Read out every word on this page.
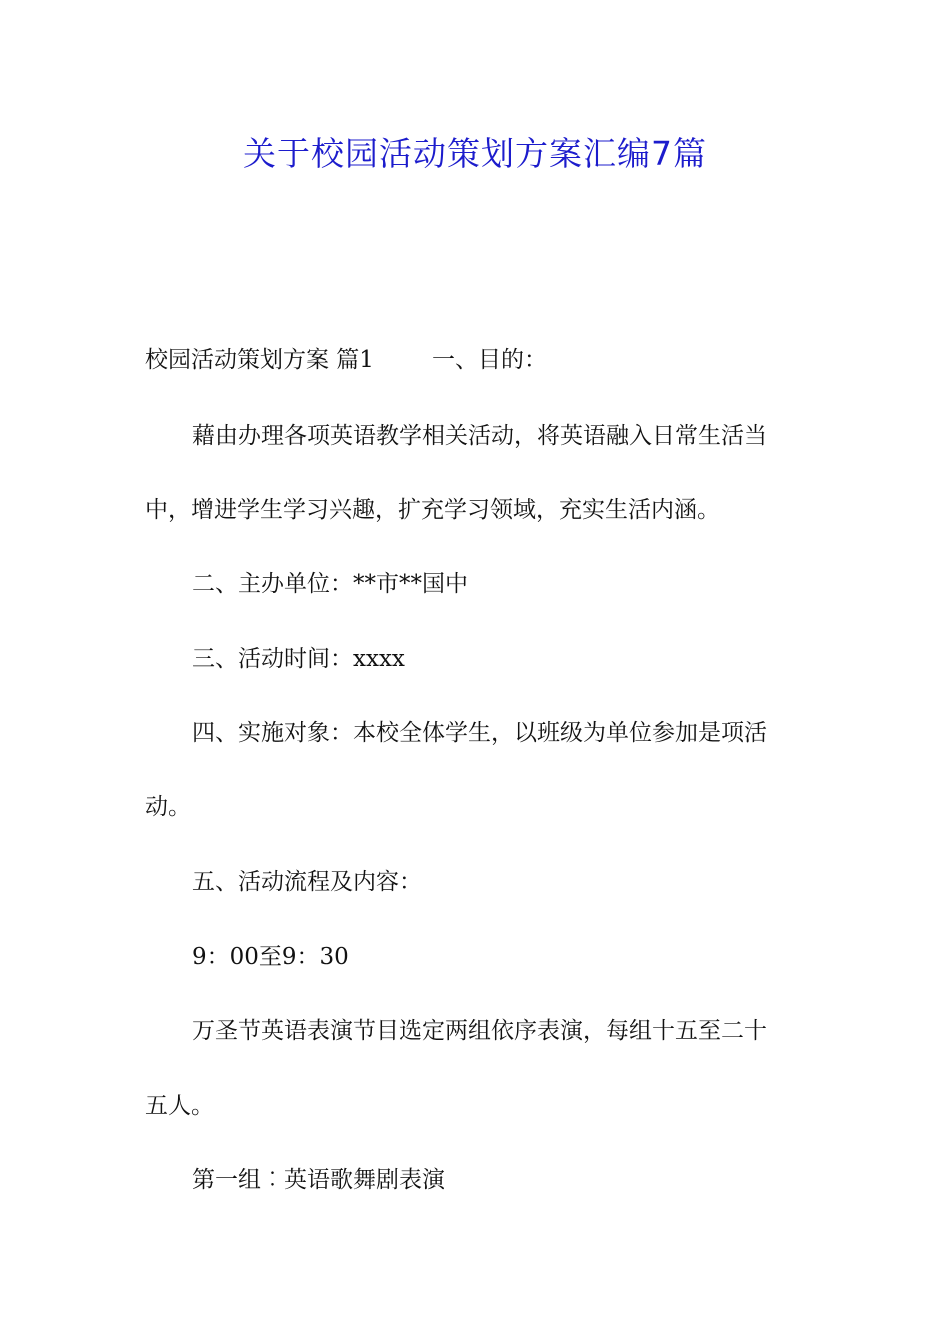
关于校园活动策划方案汇编7篇

校园活动策划方案 篇1	一、目的：

藉由办理各项英语教学相关活动，将英语融入日常生活当

中，增进学生学习兴趣，扩充学习领域，充实生活内涵。

二、主办单位：**市**国中

三、活动时间：xxxx

四、实施对象：本校全体学生，以班级为单位参加是项活

动。

五、活动流程及内容：

9：00至9：30

万圣节英语表演节目选定两组依序表演，每组十五至二十

五人。

第一组︰英语歌舞剧表演
